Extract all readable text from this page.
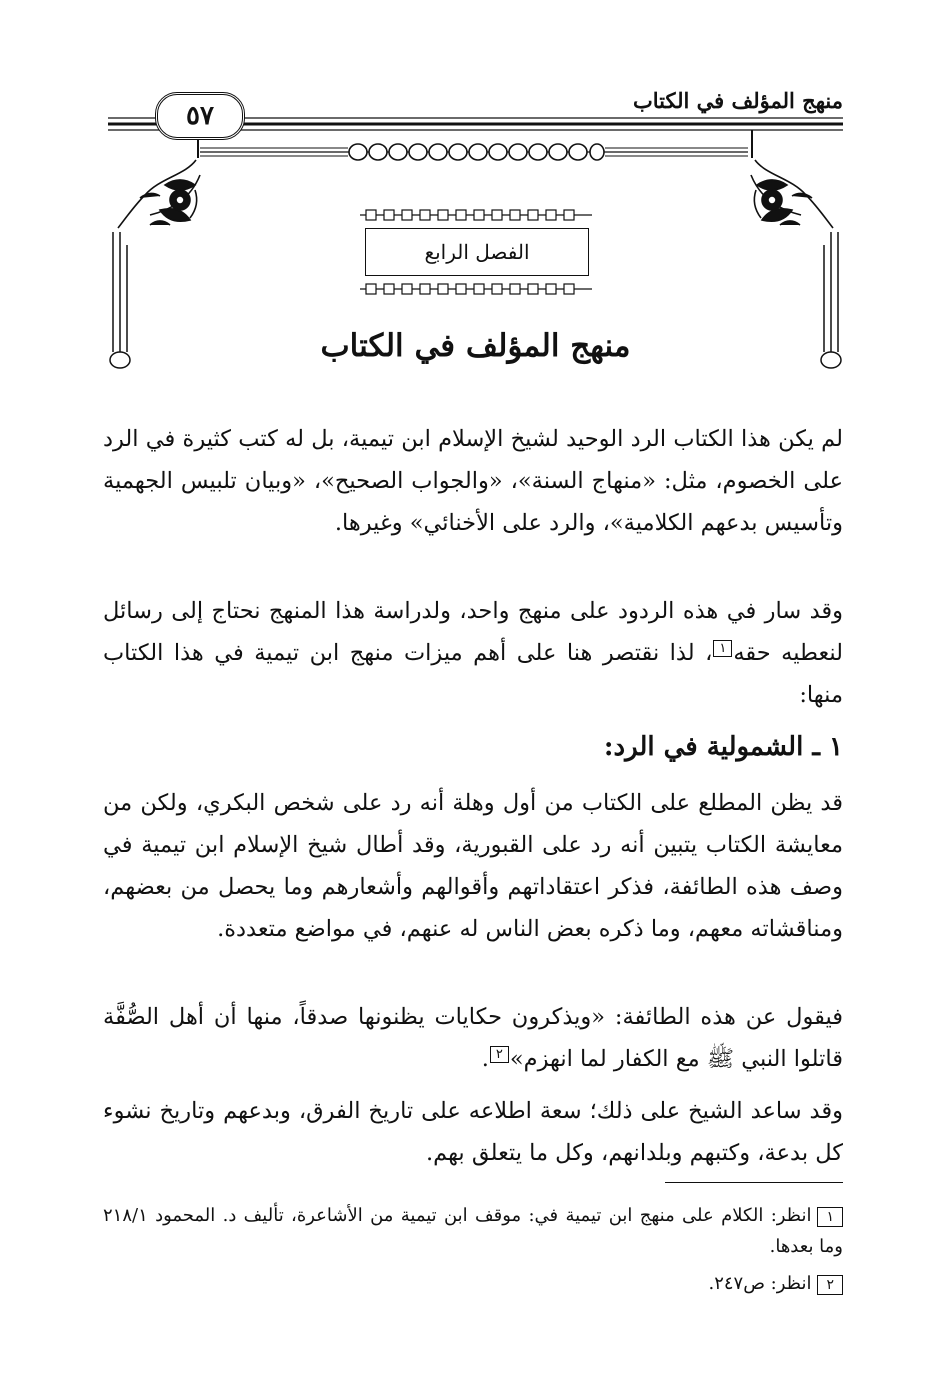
منهج المؤلف في الكتاب
٥٧
الفصل الرابع
منهج المؤلف في الكتاب
لم يكن هذا الكتاب الرد الوحيد لشيخ الإسلام ابن تيمية، بل له كتب كثيرة في الرد على الخصوم، مثل: «منهاج السنة»، «والجواب الصحيح»، «وبيان تلبيس الجهمية وتأسيس بدعهم الكلامية»، والرد على الأخنائي» وغيرها.
وقد سار في هذه الردود على منهج واحد، ولدراسة هذا المنهج نحتاج إلى رسائل لنعطيه حقه١، لذا نقتصر هنا على أهم ميزات منهج ابن تيمية في هذا الكتاب منها:
١ ـ الشمولية في الرد:
قد يظن المطلع على الكتاب من أول وهلة أنه رد على شخص البكري، ولكن من معايشة الكتاب يتبين أنه رد على القبورية، وقد أطال شيخ الإسلام ابن تيمية في وصف هذه الطائفة، فذكر اعتقاداتهم وأقوالهم وأشعارهم وما يحصل من بعضهم، ومناقشاته معهم، وما ذكره بعض الناس له عنهم، في مواضع متعددة.
فيقول عن هذه الطائفة: «ويذكرون حكايات يظنونها صدقاً، منها أن أهل الصُّفَّة قاتلوا النبي ﷺ مع الكفار لما انهزم»٢.
وقد ساعد الشيخ على ذلك؛ سعة اطلاعه على تاريخ الفرق، وبدعهم وتاريخ نشوء كل بدعة، وكتبهم وبلدانهم، وكل ما يتعلق بهم.
١انظر: الكلام على منهج ابن تيمية في: موقف ابن تيمية من الأشاعرة، تأليف د. المحمود ٢١٨/١ وما بعدها.
٢انظر: ص٢٤٧.
